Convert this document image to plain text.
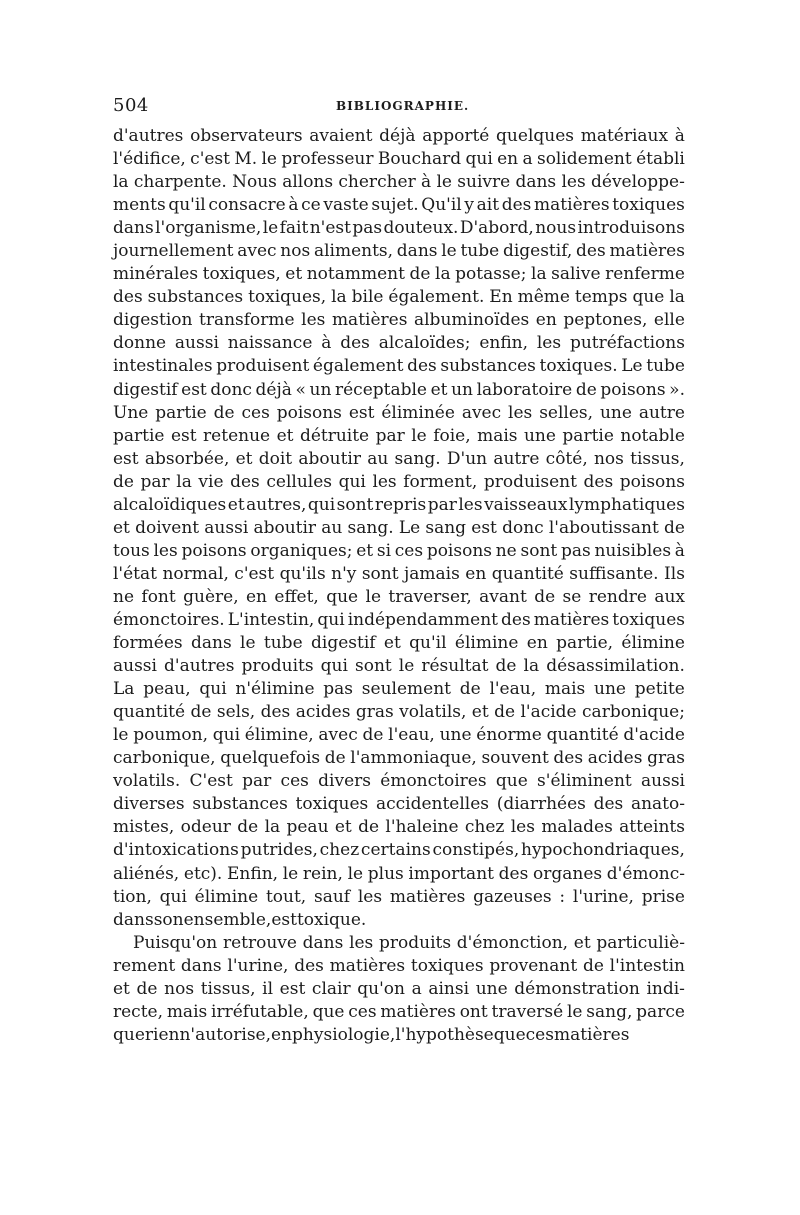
504	BIBLIOGRAPHIE.
d'autres observateurs avaient déjà apporté quelques matériaux à
l'édifice, c'est M. le professeur Bouchard qui en a solidement établi
la charpente. Nous allons chercher à le suivre dans les développe-
ments qu'il consacre à ce vaste sujet. Qu'il y ait des matières toxiques
dans l'organisme, le fait n'est pas douteux. D'abord, nous introduisons
journellement avec nos aliments, dans le tube digestif, des matières
minérales toxiques, et notamment de la potasse; la salive renferme
des substances toxiques, la bile également. En même temps que la
digestion transforme les matières albuminoïdes en peptones, elle
donne aussi naissance à des alcaloïdes; enfin, les putréfactions
intestinales produisent également des substances toxiques. Le tube
digestif est donc déjà « un réceptable et un laboratoire de poisons ».
Une partie de ces poisons est éliminée avec les selles, une autre
partie est retenue et détruite par le foie, mais une partie notable
est absorbée, et doit aboutir au sang. D'un autre côté, nos tissus,
de par la vie des cellules qui les forment, produisent des poisons
alcaloïdiques et autres, qui sont repris par les vaisseaux lymphatiques
et doivent aussi aboutir au sang. Le sang est donc l'aboutissant de
tous les poisons organiques; et si ces poisons ne sont pas nuisibles à
l'état normal, c'est qu'ils n'y sont jamais en quantité suffisante. Ils
ne font guère, en effet, que le traverser, avant de se rendre aux
émonctoires. L'intestin, qui indépendamment des matières toxiques
formées dans le tube digestif et qu'il élimine en partie, élimine
aussi d'autres produits qui sont le résultat de la désassimilation.
La peau, qui n'élimine pas seulement de l'eau, mais une petite
quantité de sels, des acides gras volatils, et de l'acide carbonique;
le poumon, qui élimine, avec de l'eau, une énorme quantité d'acide
carbonique, quelquefois de l'ammoniaque, souvent des acides gras
volatils. C'est par ces divers émonctoires que s'éliminent aussi
diverses substances toxiques accidentelles (diarrhées des anato-
mistes, odeur de la peau et de l'haleine chez les malades atteints
d'intoxications putrides, chez certains constipés, hypochondriaques,
aliénés, etc). Enfin, le rein, le plus important des organes d'émonc-
tion, qui élimine tout, sauf les matières gazeuses : l'urine, prise
dans son ensemble, est toxique.
Puisqu'on retrouve dans les produits d'émonction, et particuliè-
rement dans l'urine, des matières toxiques provenant de l'intestin
et de nos tissus, il est clair qu'on a ainsi une démonstration indi-
recte, mais irréfutable, que ces matières ont traversé le sang, parce
que rien n'autorise, en physiologie, l'hypothèse que ces matières
